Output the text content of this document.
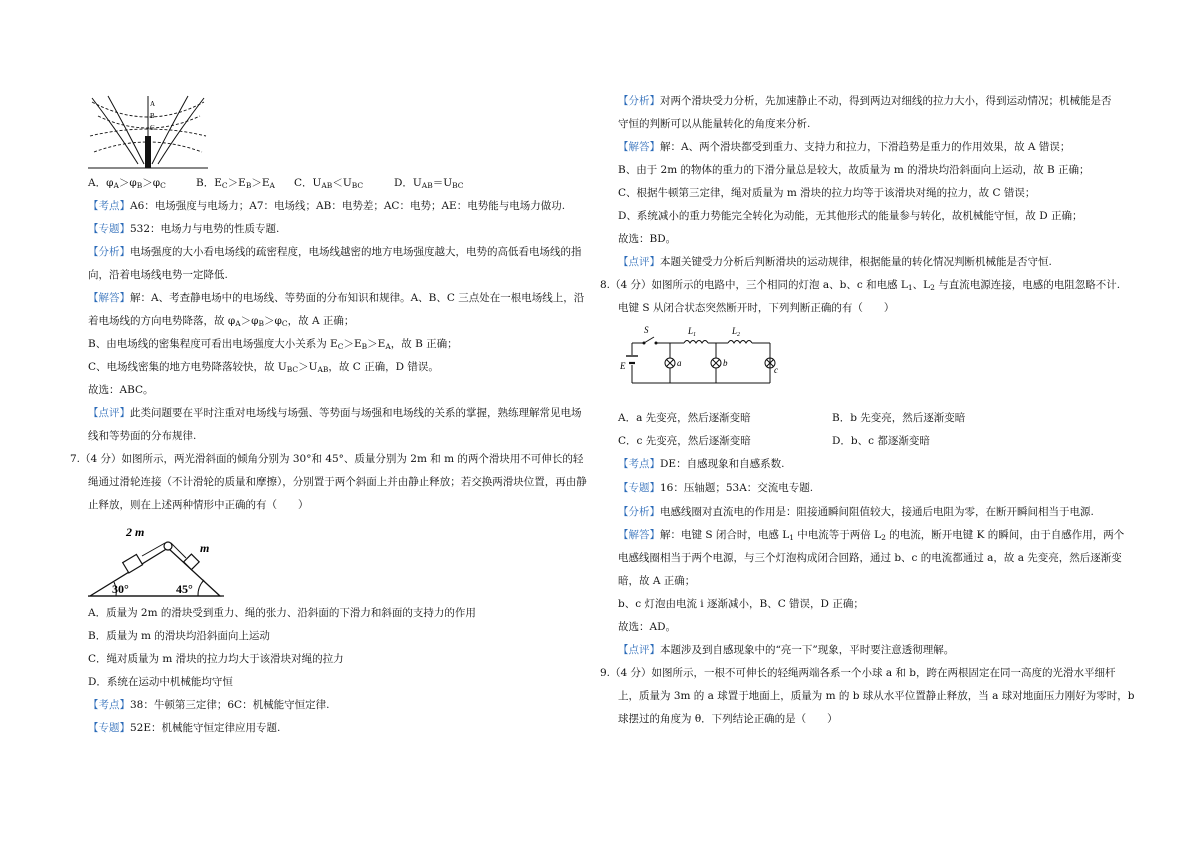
A
B
C
A．$\varphi_A>\varphi_B>\varphi_C$	B．$E_C>E_B>E_A$ C．$U_{AB}<U_{BC}$	D．$U_{AB}=U_{BC}$
【考点】A6：电场强度与电场力；A7：电场线；AB：电势差；AC：电势；AE：电势能与电场力做功.
【专题】532：电场力与电势的性质专题.
【分析】电场强度的大小看电场线的疏密程度，电场线越密的地方电场强度越大，电势的高低看电场线的指
向，沿着电场线电势一定降低.
【解答】解：A、考查静电场中的电场线、等势面的分布知识和规律。A、B、C 三点处在一根电场线上，沿
着电场线的方向电势降落，故 $\varphi_A>\varphi_B>\varphi_C$，故 A 正确；
B、由电场线的密集程度可看出电场强度大小关系为 $E_C>E_B>E_A$，故 B 正确；
C、电场线密集的地方电势降落较快，故 $U_{BC}>U_{AB}$，故 C 正确，D 错误。
故选：ABC。
【点评】此类问题要在平时注重对电场线与场强、等势面与场强和电场线的关系的掌握，熟练理解常见电场
线和等势面的分布规律.
7.（4 分）如图所示，两光滑斜面的倾角分别为 30°和 45°、质量分别为 2m 和 m 的两个滑块用不可伸长的轻
绳通过滑轮连接（不计滑轮的质量和摩擦），分别置于两个斜面上并由静止释放；若交换两滑块位置，再由静
止释放，则在上述两种情形中正确的有（　　）
2 m
m
30°	45°
A．质量为 2m 的滑块受到重力、绳的张力、沿斜面的下滑力和斜面的支持力的作用
B．质量为 m 的滑块均沿斜面向上运动
C．绳对质量为 m 滑块的拉力均大于该滑块对绳的拉力
D．系统在运动中机械能均守恒
【考点】38：牛顿第三定律；6C：机械能守恒定律.
【专题】52E：机械能守恒定律应用专题.
【分析】对两个滑块受力分析，先加速静止不动，得到两边对细线的拉力大小，得到运动情况；机械能是否
守恒的判断可以从能量转化的角度来分析.
【解答】解：A、两个滑块都受到重力、支持力和拉力，下滑趋势是重力的作用效果，故 A 错误；
B、由于 2m 的物体的重力的下滑分量总是较大，故质量为 m 的滑块均沿斜面向上运动，故 B 正确；
C、根据牛顿第三定律，绳对质量为 m 滑块的拉力均等于该滑块对绳的拉力，故 C 错误；
D、系统减小的重力势能完全转化为动能，无其他形式的能量参与转化，故机械能守恒，故 D 正确；
故选：BD。
【点评】本题关键受力分析后判断滑块的运动规律，根据能量的转化情况判断机械能是否守恒.
8.（4 分）如图所示的电路中，三个相同的灯泡 a、b、c 和电感 $L_1$、$L_2$ 与直流电源连接，电感的电阻忽略不计.
电键 S 从闭合状态突然断开时，下列判断正确的有（　　）
S	$L_1$	$L_2$
E	a	b
c
A．a 先变亮，然后逐渐变暗	B．b 先变亮，然后逐渐变暗
C．c 先变亮，然后逐渐变暗	D．b、c 都逐渐变暗
【考点】DE：自感现象和自感系数.
【专题】16：压轴题；53A：交流电专题.
【分析】电感线圈对直流电的作用是：阻接通瞬间阻值较大，接通后电阻为零，在断开瞬间相当于电源.
【解答】解：电键 S 闭合时，电感 $L_1$ 中电流等于两倍 $L_2$ 的电流，断开电键 K 的瞬间，由于自感作用，两个
电感线圈相当于两个电源，与三个灯泡构成闭合回路，通过 b、c 的电流都通过 a，故 a 先变亮，然后逐渐变
暗，故 A 正确；
b、c 灯泡由电流 i 逐渐减小，B、C 错误，D 正确；
故选：AD。
【点评】本题涉及到自感现象中的“亮一下”现象，平时要注意透彻理解。
9.（4 分）如图所示，一根不可伸长的轻绳两端各系一个小球 a 和 b，跨在两根固定在同一高度的光滑水平细杆
上，质量为 3m 的 a 球置于地面上，质量为 m 的 b 球从水平位置静止释放，当 a 球对地面压力刚好为零时，b
球摆过的角度为 θ．下列结论正确的是（　　）
